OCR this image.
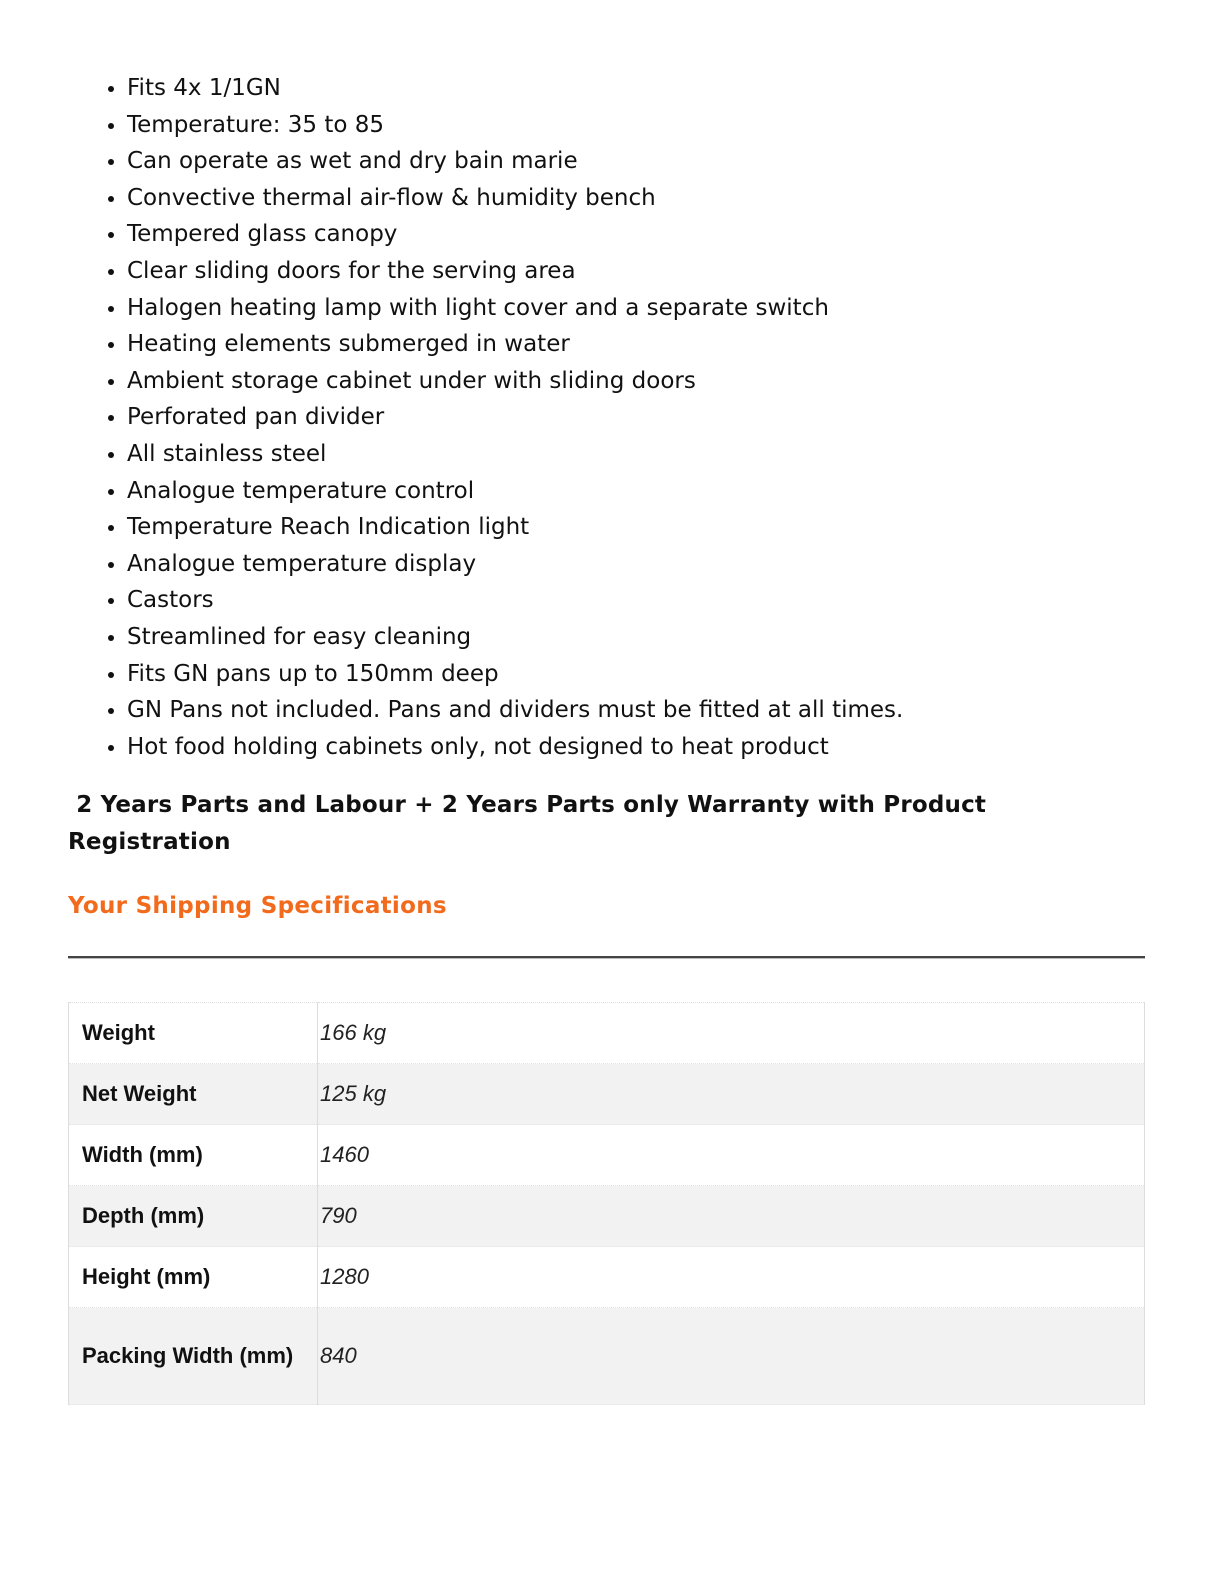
• Fits 4x 1/1GN
• Temperature: 35 to 85
• Can operate as wet and dry bain marie
• Convective thermal air-flow & humidity bench
• Tempered glass canopy
• Clear sliding doors for the serving area
• Halogen heating lamp with light cover and a separate switch
• Heating elements submerged in water
• Ambient storage cabinet under with sliding doors
• Perforated pan divider
• All stainless steel
• Analogue temperature control
• Temperature Reach Indication light
• Analogue temperature display
• Castors
• Streamlined for easy cleaning
• Fits GN pans up to 150mm deep
• GN Pans not included. Pans and dividers must be fitted at all times.
• Hot food holding cabinets only, not designed to heat product

2 Years Parts and Labour + 2 Years Parts only Warranty with Product Registration

Your Shipping Specifications
Weight	166 kg
Net Weight	125 kg
Width (mm)	1460
Depth (mm)	790
Height (mm)	1280
Packing Width (mm)	840
